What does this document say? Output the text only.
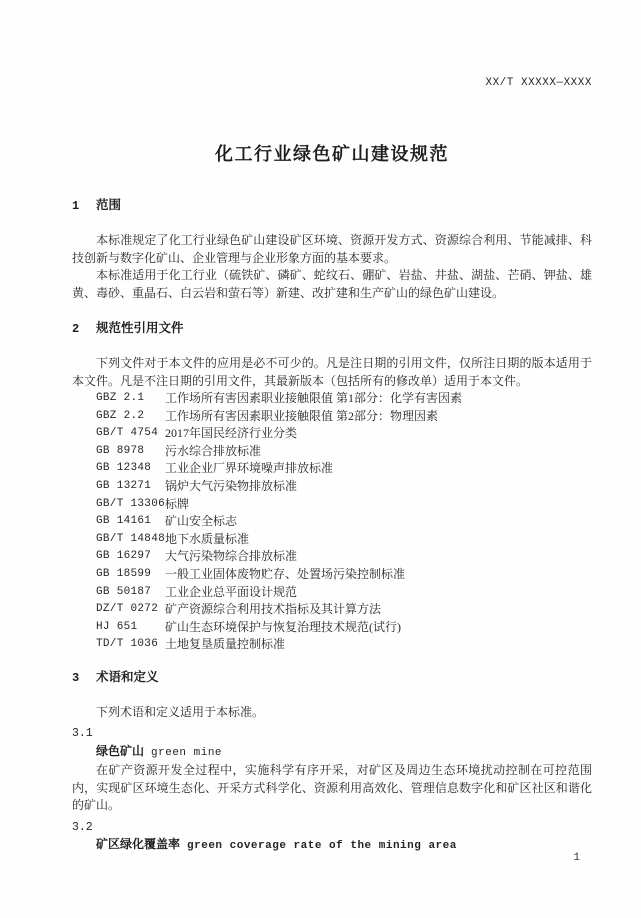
XX/T XXXXX—XXXX
化工行业绿色矿山建设规范
1 范围

本标准规定了化工行业绿色矿山建设矿区环境、资源开发方式、资源综合利用、节能减排、科技创新与数字化矿山、企业管理与企业形象方面的基本要求。

本标准适用于化工行业（硫铁矿、磷矿、蛇纹石、硼矿、岩盐、井盐、湖盐、芒硝、钾盐、雄黄、毒砂、重晶石、白云岩和萤石等）新建、改扩建和生产矿山的绿色矿山建设。

2 规范性引用文件

下列文件对于本文件的应用是必不可少的。凡是注日期的引用文件，仅所注日期的版本适用于本文件。凡是不注日期的引用文件，其最新版本（包括所有的修改单）适用于本文件。

GBZ 2.1	工作场所有害因素职业接触限值 第1部分：化学有害因素
GBZ 2.2	工作场所有害因素职业接触限值 第2部分：物理因素
GB/T 4754 2017年国民经济行业分类
GB 8978	污水综合排放标准
GB 12348	工业企业厂界环境噪声排放标准
GB 13271	锅炉大气污染物排放标准
GB/T 13306 标牌
GB 14161	矿山安全标志
GB/T 14848 地下水质量标准
GB 16297	大气污染物综合排放标准
GB 18599	一般工业固体废物贮存、处置场污染控制标准
GB 50187	工业企业总平面设计规范
DZ/T 0272 矿产资源综合利用技术指标及其计算方法
HJ 651	矿山生态环境保护与恢复治理技术规范(试行)
TD/T 1036 土地复垦质量控制标准
3 术语和定义

下列术语和定义适用于本标准。

3.1
绿色矿山 green mine

在矿产资源开发全过程中，实施科学有序开采，对矿区及周边生态环境扰动控制在可控范围内，实现矿区环境生态化、开采方式科学化、资源利用高效化、管理信息数字化和矿区社区和谐化的矿山。

3.2
矿区绿化覆盖率 green coverage rate of the mining area
1
